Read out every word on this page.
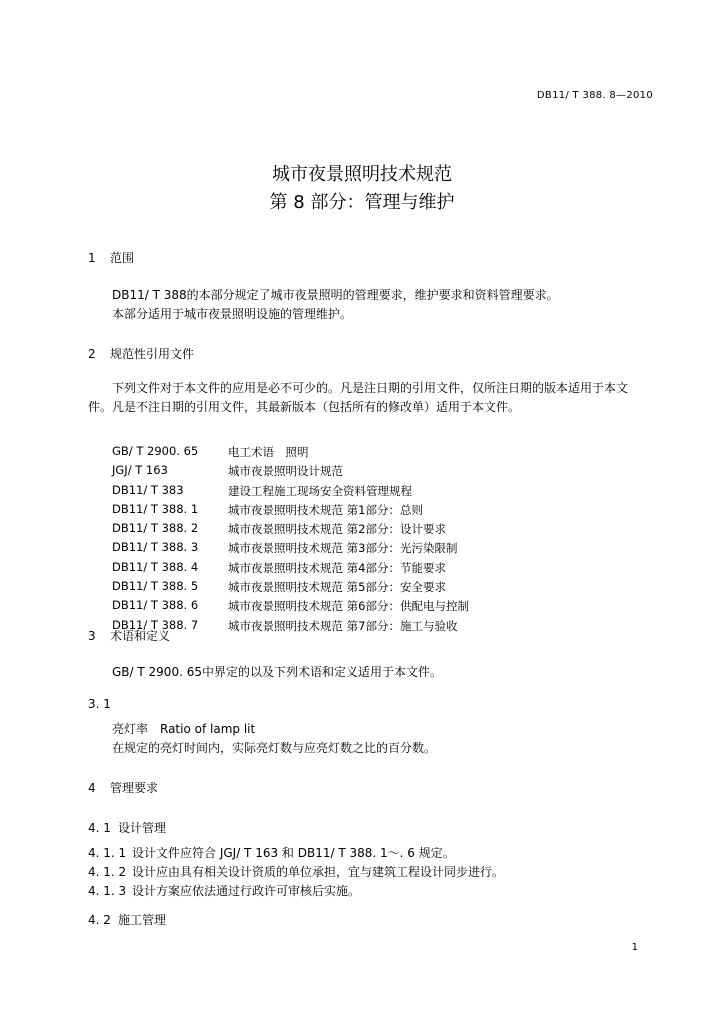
DB11/ T 388. 8—2010
城市夜景照明技术规范
第 8 部分：管理与维护
1 范围
DB11/ T 388的本部分规定了城市夜景照明的管理要求，维护要求和资料管理要求。
本部分适用于城市夜景照明设施的管理维护。
2 规范性引用文件
下列文件对于本文件的应用是必不可少的。凡是注日期的引用文件，仅所注日期的版本适用于本文
件。凡是不注日期的引用文件，其最新版本（包括所有的修改单）适用于本文件。
GB/ T 2900. 65	电工术语　照明
JGJ/ T 163	城市夜景照明设计规范
DB11/ T 383	建设工程施工现场安全资料管理规程
DB11/ T 388. 1	城市夜景照明技术规范 第1部分：总则
DB11/ T 388. 2	城市夜景照明技术规范 第2部分：设计要求
DB11/ T 388. 3	城市夜景照明技术规范 第3部分：光污染限制
DB11/ T 388. 4	城市夜景照明技术规范 第4部分：节能要求
DB11/ T 388. 5	城市夜景照明技术规范 第5部分：安全要求
DB11/ T 388. 6	城市夜景照明技术规范 第6部分：供配电与控制
DB11/ T 388. 7	城市夜景照明技术规范 第7部分：施工与验收
3 术语和定义
GB/ T 2900. 65中界定的以及下列术语和定义适用于本文件。
3. 1
亮灯率　Ratio of lamp lit
在规定的亮灯时间内，实际亮灯数与应亮灯数之比的百分数。
4 管理要求
4. 1 设计管理
4. 1. 1 设计文件应符合 JGJ/ T 163 和 DB11/ T 388. 1～. 6 规定。
4. 1. 2 设计应由具有相关设计资质的单位承担，宜与建筑工程设计同步进行。
4. 1. 3 设计方案应依法通过行政许可审核后实施。
4. 2 施工管理
1
